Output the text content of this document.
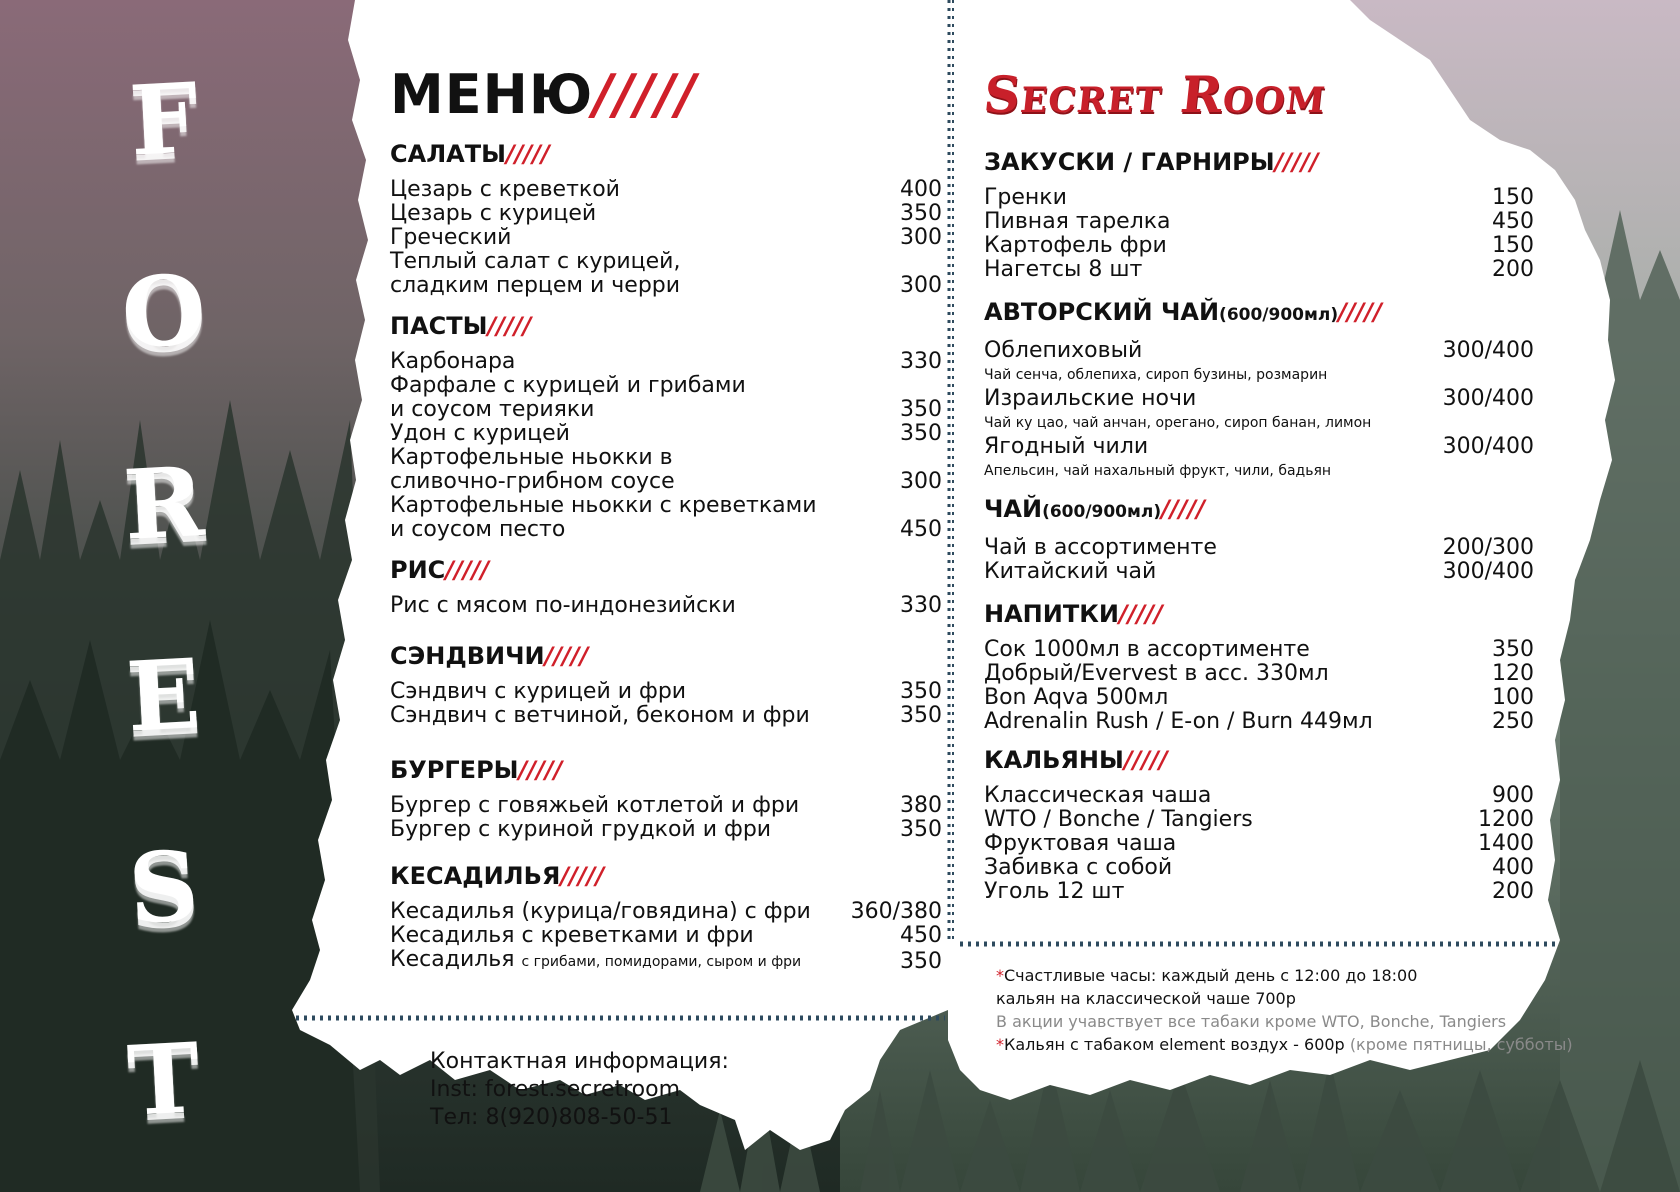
F
O
R
E
S
T
МЕНЮ/////
САЛАТЫ/////
Цезарь с креветкой	400
Цезарь с курицей	350
Греческий	300
Теплый салат с курицей,
сладким перцем и черри	300
ПАСТЫ/////
Карбонара	330
Фарфале с курицей и грибами
и соусом терияки	350
Удон с курицей	350
Картофельные ньокки в
сливочно-грибном соусе	300
Картофельные ньокки с креветками
и соусом песто	450
РИС/////
Рис с мясом по-индонезийски	330
СЭНДВИЧИ/////
Сэндвич с курицей и фри	350
Сэндвич с ветчиной, беконом и фри	350
БУРГЕРЫ/////
Бургер с говяжьей котлетой и фри	380
Бургер с куриной грудкой и фри	350
КЕСАДИЛЬЯ/////
Кесадилья (курица/говядина) с фри	360/380
Кесадилья с креветками и фри	450
Кесадилья с грибами, помидорами, сыром и фри	350
Secret Room
ЗАКУСКИ / ГАРНИРЫ/////
Гренки	150
Пивная тарелка	450
Картофель фри	150
Нагетсы 8 шт	200
АВТОРСКИЙ ЧАЙ(600/900мл)/////
Облепиховый	300/400
Чай сенча, облепиха, сироп бузины, розмарин
Израильские ночи	300/400
Чай ку цао, чай анчан, орегано, сироп банан, лимон
Ягодный чили	300/400
Апельсин, чай нахальный фрукт, чили, бадьян
ЧАЙ(600/900мл)/////
Чай в ассортименте	200/300
Китайский чай	300/400
НАПИТКИ/////
Сок 1000мл в ассортименте	350
Добрый/Evervest в асс. 330мл	120
Bon Aqva 500мл	100
Adrenalin Rush / E-on / Burn 449мл	250
КАЛЬЯНЫ/////
Классическая чаша	900
WTO / Bonche / Tangiers	1200
Фруктовая чаша	1400
Забивка с собой	400
Уголь 12 шт	200
Контактная информация:
Inst: forest.secretroom
Тел: 8(920)808-50-51
*Счастливые часы: каждый день с 12:00 до 18:00
кальян на классической чаше 700р
В акции учавствует все табаки кроме WTO, Bonche, Tangiers
*Кальян с табаком element воздух - 600р (кроме пятницы, субботы)
